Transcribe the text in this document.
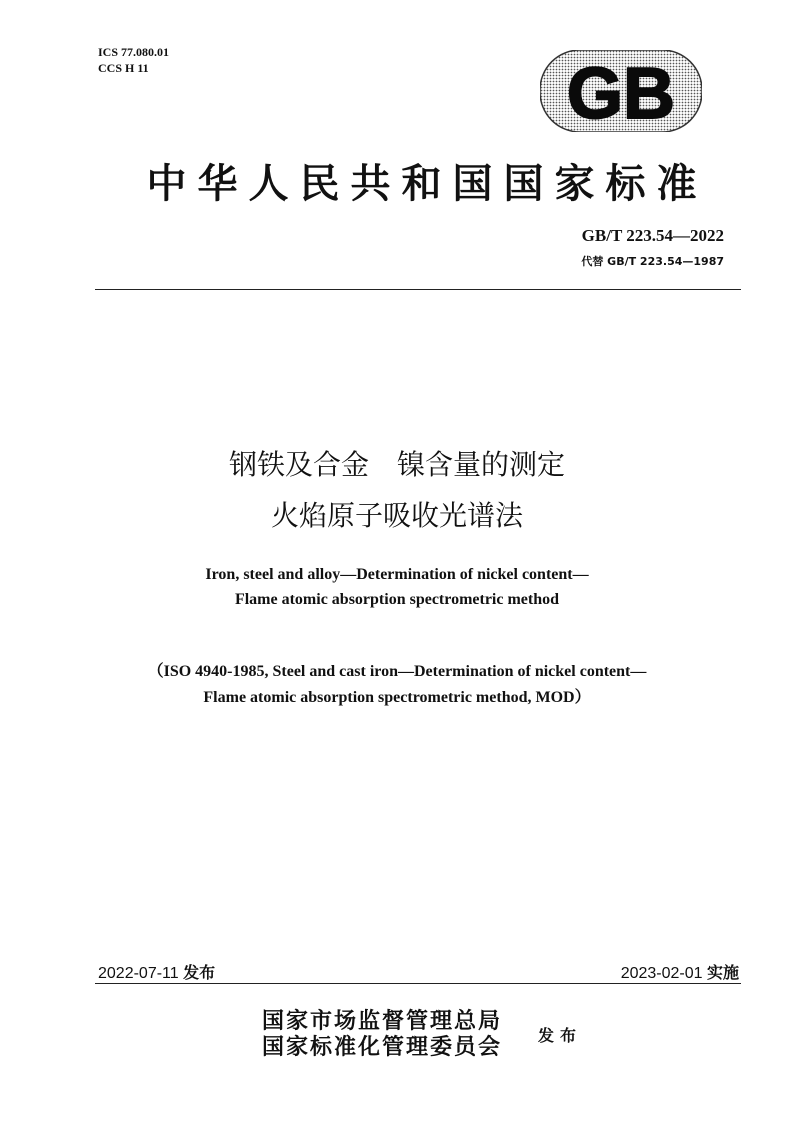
ICS 77.080.01
CCS H 11	GB
中华人民共和国国家标准
GB/T 223.54—2022
代替 GB/T 223.54—1987
钢铁及合金　镍含量的测定
火焰原子吸收光谱法
Iron, steel and alloy—Determination of nickel content—
Flame atomic absorption spectrometric method
（ISO 4940-1985, Steel and cast iron—Determination of nickel content—
Flame atomic absorption spectrometric method, MOD）
2022-07-11 发布	2023-02-01 实施
国家市场监督管理总局
国家标准化管理委员会 发布
